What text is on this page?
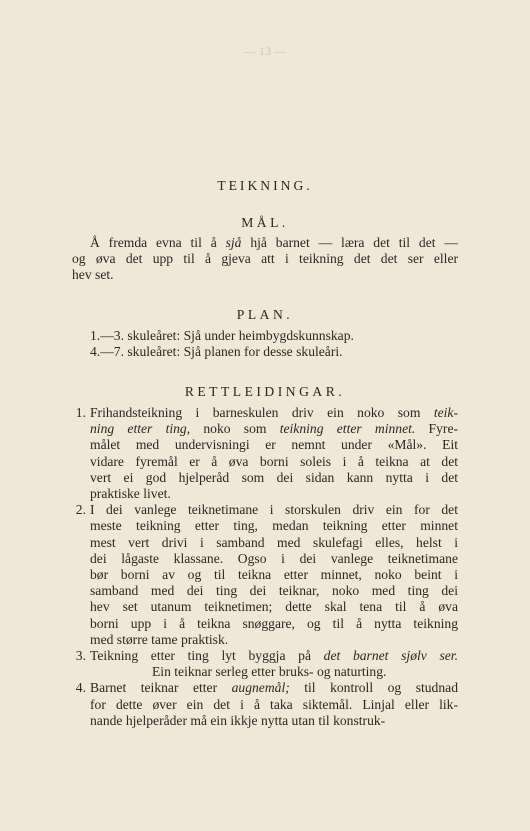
— 13 —
TEIKNING.
MÅL.
Å fremda evna til å sjå hjå barnet — læra det til det —
og øva det upp til å gjeva att i teikning det det ser eller
hev set.
PLAN.
1.—3. skuleåret: Sjå under heimbygdskunnskap.
4.—7. skuleåret: Sjå planen for desse skuleåri.
RETTLEIDINGAR.
1. Frihandsteikning i barneskulen driv ein noko som teik-
ning etter ting, noko som teikning etter minnet. Fyre-
målet med undervisningi er nemnt under «Mål». Eit
vidare fyremål er å øva borni soleis i å teikna at det
vert ei god hjelperåd som dei sidan kann nytta i det
praktiske livet.
2. I dei vanlege teiknetimane i storskulen driv ein for det
meste teikning etter ting, medan teikning etter minnet
mest vert drivi i samband med skulefagi elles, helst i
dei lågaste klassane. Ogso i dei vanlege teiknetimane
bør borni av og til teikna etter minnet, noko beint i
samband med dei ting dei teiknar, noko med ting dei
hev set utanum teiknetimen; dette skal tena til å øva
borni upp i å teikna snøggare, og til å nytta teikning
med større tame praktisk.
3. Teikning etter ting lyt byggja på det barnet sjølv ser.
Ein teiknar serleg etter bruks- og naturting.
4. Barnet teiknar etter augnemål; til kontroll og studnad
for dette øver ein det i å taka siktemål. Linjal eller lik-
nande hjelperåder må ein ikkje nytta utan til konstruk-
